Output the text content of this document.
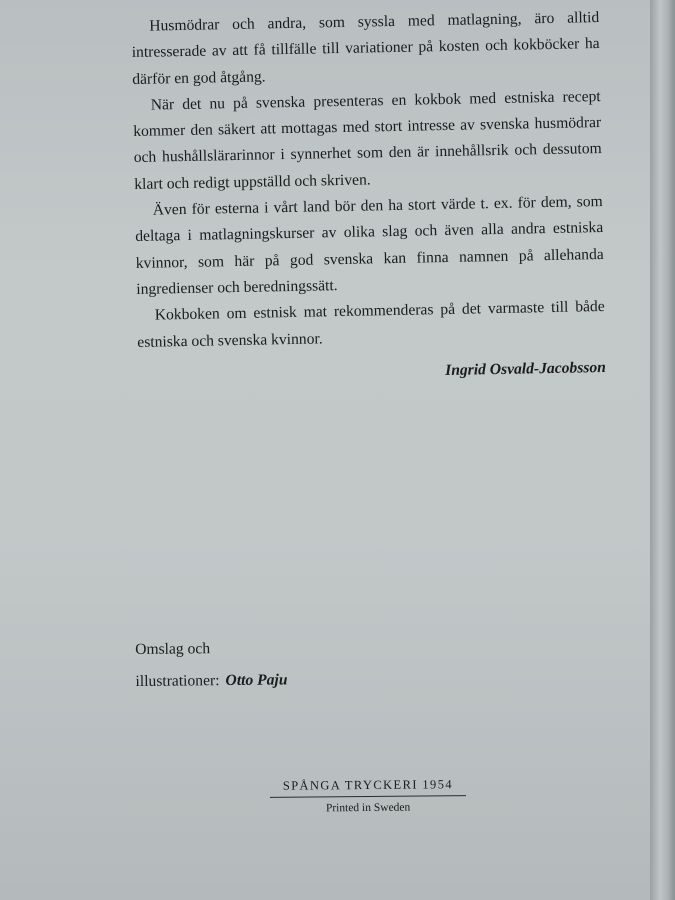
Husmödrar och andra, som syssla med matlagning, äro alltid intresserade av att få tillfälle till variationer på kosten och kokböcker ha därför en god åtgång.

När det nu på svenska presenteras en kokbok med estniska recept kommer den säkert att mottagas med stort intresse av svenska husmödrar och hushållslärarinnor i synnerhet som den är innehållsrik och dessutom klart och redigt uppställd och skriven.

Även för esterna i vårt land bör den ha stort värde t. ex. för dem, som deltaga i matlagningskurser av olika slag och även alla andra estniska kvinnor, som här på god svenska kan finna namnen på allehanda ingredienser och beredningssätt.

Kokboken om estnisk mat rekommenderas på det varmaste till både estniska och svenska kvinnor.

Ingrid Osvald-Jacobsson

Omslag och
illustrationer: Otto Paju
SPÅNGA TRYCKERI 1954
Printed in Sweden
